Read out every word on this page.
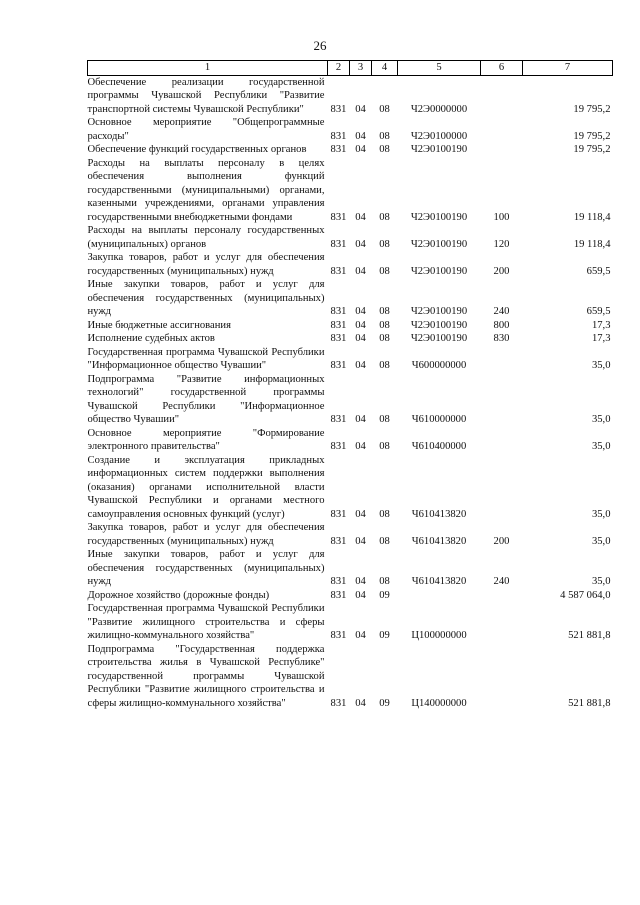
26
1	2	3	4	5	6	7
Обеспечение реализации государственной программы Чувашской Республики "Развитие транспортной системы Чувашской Республики"	831	04	08	Ч2Э0000000		19 795,2
Основное мероприятие "Общепрограммные расходы"	831	04	08	Ч2Э0100000		19 795,2
Обеспечение функций государственных органов	831	04	08	Ч2Э0100190		19 795,2
Расходы на выплаты персоналу в целях обеспечения выполнения функций государственными (муниципальными) органами, казенными учреждениями, органами управления государственными внебюджетными фондами	831	04	08	Ч2Э0100190	100	19 118,4
Расходы на выплаты персоналу государственных (муниципальных) органов	831	04	08	Ч2Э0100190	120	19 118,4
Закупка товаров, работ и услуг для обеспечения государственных (муниципальных) нужд	831	04	08	Ч2Э0100190	200	659,5
Иные закупки товаров, работ и услуг для обеспечения государственных (муниципальных) нужд	831	04	08	Ч2Э0100190	240	659,5
Иные бюджетные ассигнования	831	04	08	Ч2Э0100190	800	17,3
Исполнение судебных актов	831	04	08	Ч2Э0100190	830	17,3
Государственная программа Чувашской Республики "Информационное общество Чувашии"	831	04	08	Ч600000000		35,0
Подпрограмма "Развитие информационных технологий" государственной программы Чувашской Республики "Информационное общество Чувашии"	831	04	08	Ч610000000		35,0
Основное мероприятие "Формирование электронного правительства"	831	04	08	Ч610400000		35,0
Создание и эксплуатация прикладных информационных систем поддержки выполнения (оказания) органами исполнительной власти Чувашской Республики и органами местного самоуправления основных функций (услуг)	831	04	08	Ч610413820		35,0
Закупка товаров, работ и услуг для обеспечения государственных (муниципальных) нужд	831	04	08	Ч610413820	200	35,0
Иные закупки товаров, работ и услуг для обеспечения государственных (муниципальных) нужд	831	04	08	Ч610413820	240	35,0
Дорожное хозяйство (дорожные фонды)	831	04	09			4 587 064,0
Государственная программа Чувашской Республики "Развитие жилищного строительства и сферы жилищно-коммунального хозяйства"	831	04	09	Ц100000000		521 881,8
Подпрограмма "Государственная поддержка строительства жилья в Чувашской Республике" государственной программы Чувашской Республики "Развитие жилищного строительства и сферы жилищно-коммунального хозяйства"	831	04	09	Ц140000000		521 881,8
